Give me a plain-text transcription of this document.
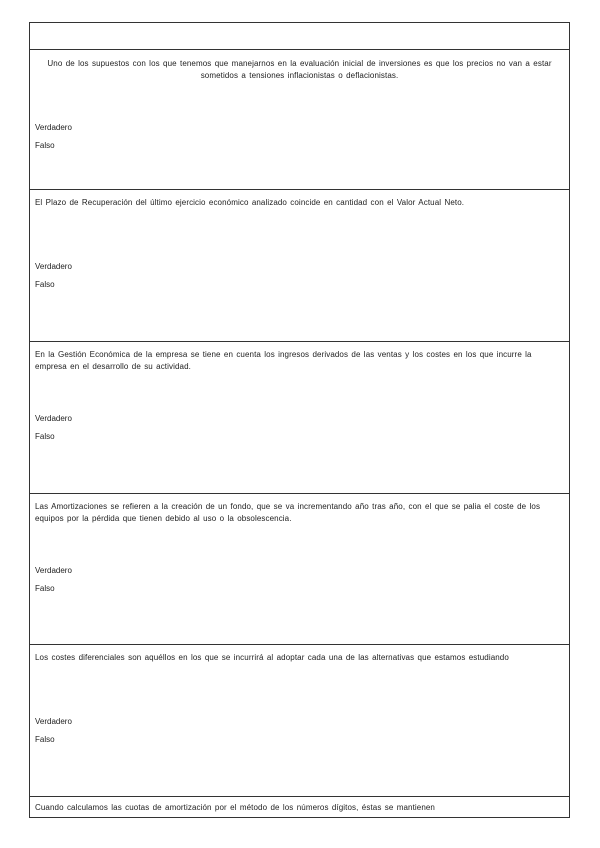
Uno de los supuestos con los que tenemos que manejarnos en la evaluación inicial de inversiones es que los precios no van a estar sometidos a tensiones inflacionistas o deflacionistas.
Verdadero
Falso
El Plazo de Recuperación del último ejercicio económico analizado coincide en cantidad con el Valor Actual Neto.
Verdadero
Falso
En la Gestión Económica de la empresa se tiene en cuenta los ingresos derivados de las ventas y los costes en los que incurre la empresa en el desarrollo de su actividad.
Verdadero
Falso
Las Amortizaciones se refieren a la creación de un fondo, que se va incrementando año tras año, con el que se palia el coste de los equipos por la pérdida que tienen debido al uso o la obsolescencia.
Verdadero
Falso
Los costes diferenciales son aquéllos en los que se incurrirá al adoptar cada una de las alternativas que estamos estudiando
Verdadero
Falso
Cuando calculamos las cuotas de amortización por el método de los números dígitos, éstas se mantienen
